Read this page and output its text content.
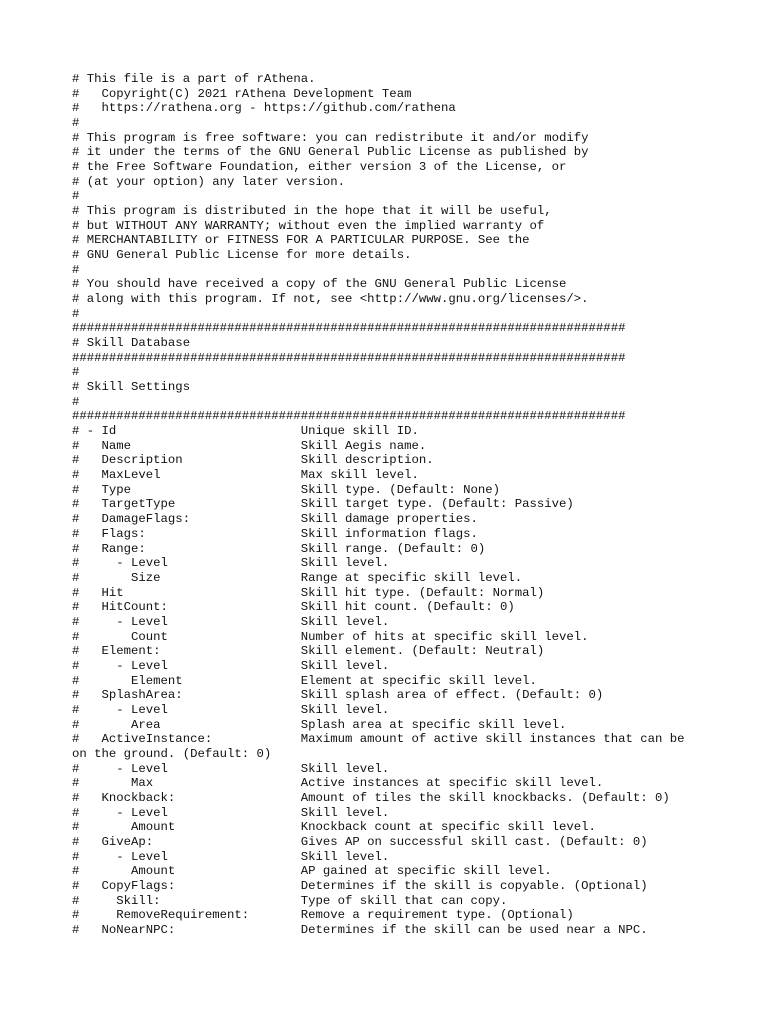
# This file is a part of rAthena.
#   Copyright(C) 2021 rAthena Development Team
#   https://rathena.org - https://github.com/rathena
#
# This program is free software: you can redistribute it and/or modify
# it under the terms of the GNU General Public License as published by
# the Free Software Foundation, either version 3 of the License, or
# (at your option) any later version.
#
# This program is distributed in the hope that it will be useful,
# but WITHOUT ANY WARRANTY; without even the implied warranty of
# MERCHANTABILITY or FITNESS FOR A PARTICULAR PURPOSE. See the
# GNU General Public License for more details.
#
# You should have received a copy of the GNU General Public License
# along with this program. If not, see <http://www.gnu.org/licenses/>.
#
###########################################################################
# Skill Database
###########################################################################
#
# Skill Settings
#
###########################################################################
# - Id                         Unique skill ID.
#   Name                       Skill Aegis name.
#   Description                Skill description.
#   MaxLevel                   Max skill level.
#   Type                       Skill type. (Default: None)
#   TargetType                 Skill target type. (Default: Passive)
#   DamageFlags:               Skill damage properties.
#   Flags:                     Skill information flags.
#   Range:                     Skill range. (Default: 0)
#     - Level                  Skill level.
#       Size                   Range at specific skill level.
#   Hit                        Skill hit type. (Default: Normal)
#   HitCount:                  Skill hit count. (Default: 0)
#     - Level                  Skill level.
#       Count                  Number of hits at specific skill level.
#   Element:                   Skill element. (Default: Neutral)
#     - Level                  Skill level.
#       Element                Element at specific skill level.
#   SplashArea:                Skill splash area of effect. (Default: 0)
#     - Level                  Skill level.
#       Area                   Splash area at specific skill level.
#   ActiveInstance:            Maximum amount of active skill instances that can be
on the ground. (Default: 0)
#     - Level                  Skill level.
#       Max                    Active instances at specific skill level.
#   Knockback:                 Amount of tiles the skill knockbacks. (Default: 0)
#     - Level                  Skill level.
#       Amount                 Knockback count at specific skill level.
#   GiveAp:                    Gives AP on successful skill cast. (Default: 0)
#     - Level                  Skill level.
#       Amount                 AP gained at specific skill level.
#   CopyFlags:                 Determines if the skill is copyable. (Optional)
#     Skill:                   Type of skill that can copy.
#     RemoveRequirement:       Remove a requirement type. (Optional)
#   NoNearNPC:                 Determines if the skill can be used near a NPC.
